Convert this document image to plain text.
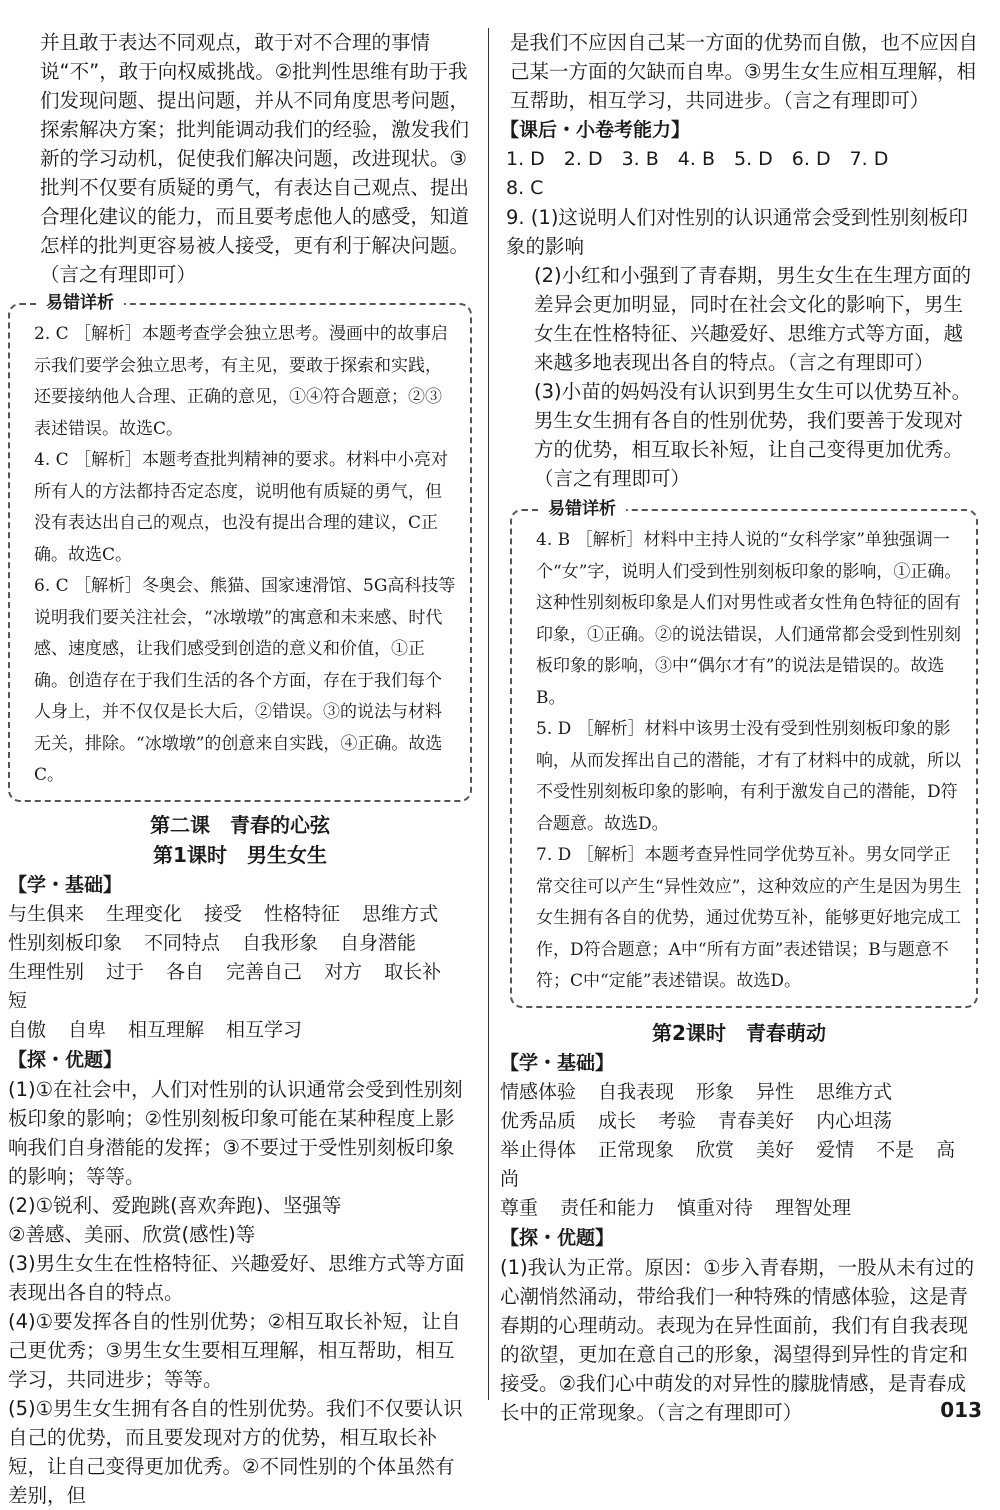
并且敢于表达不同观点，敢于对不合理的事情说“不”，敢于向权威挑战。②批判性思维有助于我们发现问题、提出问题，并从不同角度思考问题，探索解决方案；批判能调动我们的经验，激发我们新的学习动机，促使我们解决问题，改进现状。③批判不仅要有质疑的勇气，有表达自己观点、提出合理化建议的能力，而且要考虑他人的感受，知道怎样的批判更容易被人接受，更有利于解决问题。（言之有理即可）

易错详析

2. C ［解析］本题考查学会独立思考。漫画中的故事启示我们要学会独立思考，有主见，要敢于探索和实践，还要接纳他人合理、正确的意见，①④符合题意；②③表述错误。故选C。

4. C ［解析］本题考查批判精神的要求。材料中小亮对所有人的方法都持否定态度，说明他有质疑的勇气，但没有表达出自己的观点，也没有提出合理的建议，C正确。故选C。

6. C ［解析］冬奥会、熊猫、国家速滑馆、5G高科技等说明我们要关注社会，“冰墩墩”的寓意和未来感、时代感、速度感，让我们感受到创造的意义和价值，①正确。创造存在于我们生活的各个方面，存在于我们每个人身上，并不仅仅是长大后，②错误。③的说法与材料无关，排除。“冰墩墩”的创意来自实践，④正确。故选C。

第二课　青春的心弦

第1课时　男生女生

【学・基础】

与生俱来 生理变化 接受 性格特征 思维方式

性别刻板印象 不同特点 自我形象 自身潜能

生理性别 过于 各自 完善自己 对方 取长补短

自傲 自卑 相互理解 相互学习

【探・优题】

(1)①在社会中，人们对性别的认识通常会受到性别刻板印象的影响；②性别刻板印象可能在某种程度上影响我们自身潜能的发挥；③不要过于受性别刻板印象的影响；等等。

(2)①锐利、爱跑跳(喜欢奔跑)、坚强等

②善感、美丽、欣赏(感性)等

(3)男生女生在性格特征、兴趣爱好、思维方式等方面表现出各自的特点。

(4)①要发挥各自的性别优势；②相互取长补短，让自己更优秀；③男生女生要相互理解，相互帮助，相互学习，共同进步；等等。

(5)①男生女生拥有各自的性别优势。我们不仅要认识自己的优势，而且要发现对方的优势，相互取长补短，让自己变得更加优秀。②不同性别的个体虽然有差别，但

是我们不应因自己某一方面的优势而自傲，也不应因自己某一方面的欠缺而自卑。③男生女生应相互理解，相互帮助，相互学习，共同进步。（言之有理即可）

【课后・小卷考能力】

1. D　2. D　3. B　4. B　5. D　6. D　7. D

8. C

9. (1)这说明人们对性别的认识通常会受到性别刻板印象的影响

(2)小红和小强到了青春期，男生女生在生理方面的差异会更加明显，同时在社会文化的影响下，男生女生在性格特征、兴趣爱好、思维方式等方面，越来越多地表现出各自的特点。（言之有理即可）

(3)小苗的妈妈没有认识到男生女生可以优势互补。男生女生拥有各自的性别优势，我们要善于发现对方的优势，相互取长补短，让自己变得更加优秀。（言之有理即可）

易错详析

4. B ［解析］材料中主持人说的“女科学家”单独强调一个“女”字，说明人们受到性别刻板印象的影响，①正确。这种性别刻板印象是人们对男性或者女性角色特征的固有印象，①正确。②的说法错误，人们通常都会受到性别刻板印象的影响，③中“偶尔才有”的说法是错误的。故选B。

5. D ［解析］材料中该男士没有受到性别刻板印象的影响，从而发挥出自己的潜能，才有了材料中的成就，所以不受性别刻板印象的影响，有利于激发自己的潜能，D符合题意。故选D。

7. D ［解析］本题考查异性同学优势互补。男女同学正常交往可以产生“异性效应”，这种效应的产生是因为男生女生拥有各自的优势，通过优势互补，能够更好地完成工作，D符合题意；A中“所有方面”表述错误；B与题意不符；C中“定能”表述错误。故选D。

第2课时　青春萌动

【学・基础】

情感体验 自我表现 形象 异性 思维方式

优秀品质 成长 考验 青春美好 内心坦荡

举止得体 正常现象 欣赏 美好 爱情 不是 高尚

尊重 责任和能力 慎重对待 理智处理

【探・优题】

(1)我认为正常。原因：①步入青春期，一股从未有过的心潮悄然涌动，带给我们一种特殊的情感体验，这是青春期的心理萌动。表现为在异性面前，我们有自我表现的欲望，更加在意自己的形象，渴望得到异性的肯定和接受。②我们心中萌发的对异性的朦胧情感，是青春成长中的正常现象。（言之有理即可）	013
